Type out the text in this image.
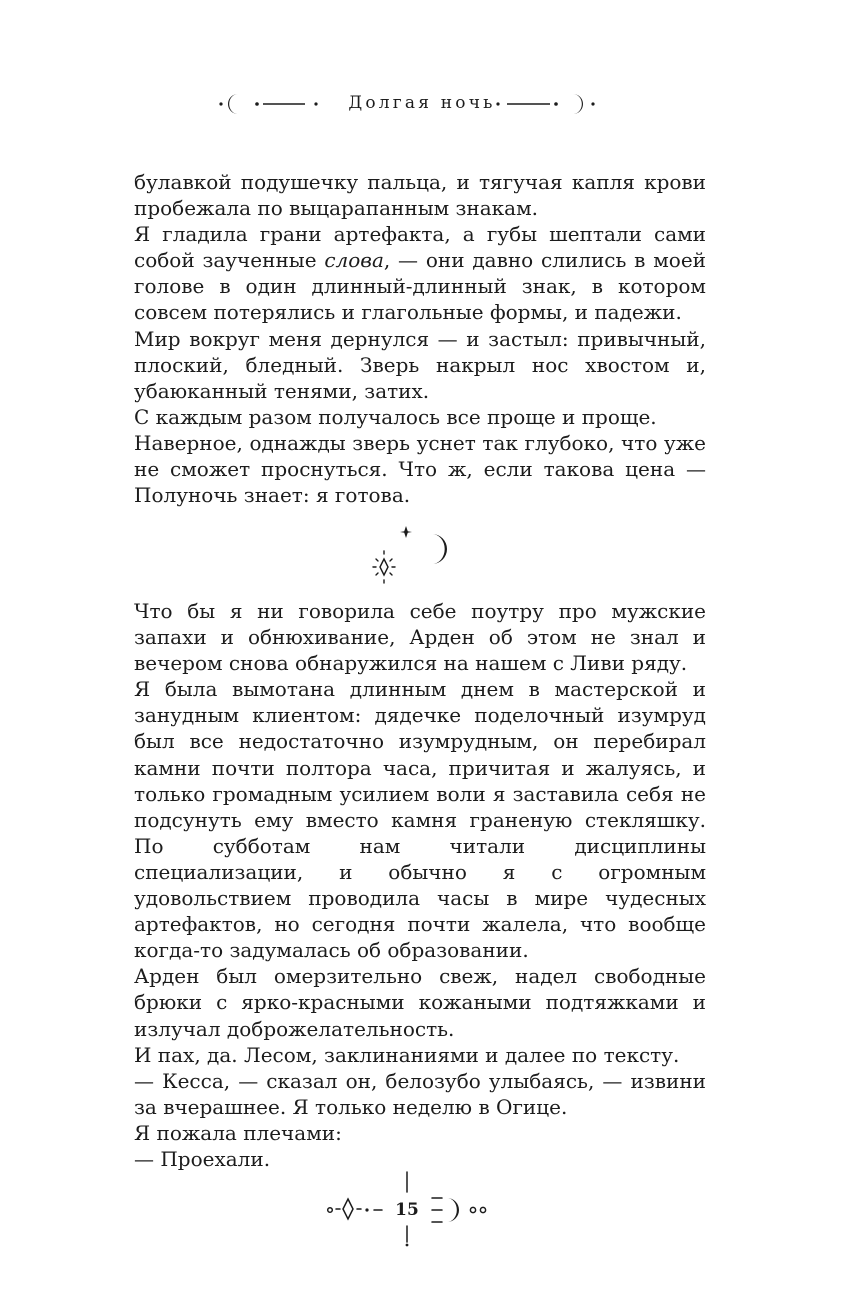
Долгая ночь

булавкой подушечку пальца, и тягучая капля крови пробежала по выцарапанным знакам.

Я гладила грани артефакта, а губы шептали сами собой заученные слова, — они давно слились в моей голове в один длинный-длинный знак, в котором совсем потерялись и глагольные формы, и падежи.

Мир вокруг меня дернулся — и застыл: привычный, плоский, бледный. Зверь накрыл нос хвостом и, убаюканный тенями, затих.

С каждым разом получалось все проще и проще.

Наверное, однажды зверь уснет так глубоко, что уже не сможет проснуться. Что ж, если такова цена — Полуночь знает: я готова.

Что бы я ни говорила себе поутру про мужские запахи и обнюхивание, Арден об этом не знал и вечером снова обнаружился на нашем с Ливи ряду.

Я была вымотана длинным днем в мастерской и занудным клиентом: дядечке поделочный изумруд был все недостаточно изумрудным, он перебирал камни почти полтора часа, причитая и жалуясь, и только громадным усилием воли я заставила себя не подсунуть ему вместо камня граненую стекляшку. По субботам нам читали дисциплины специализации, и обычно я с огромным удовольствием проводила часы в мире чудесных артефактов, но сегодня почти жалела, что вообще когда-то задумалась об образовании.

Арден был омерзительно свеж, надел свободные брюки с ярко-красными кожаными подтяжками и излучал доброжелательность.

И пах, да. Лесом, заклинаниями и далее по тексту.

— Кесса, — сказал он, белозубо улыбаясь, — извини за вчерашнее. Я только неделю в Огице.

Я пожала плечами:

— Проехали.

15
